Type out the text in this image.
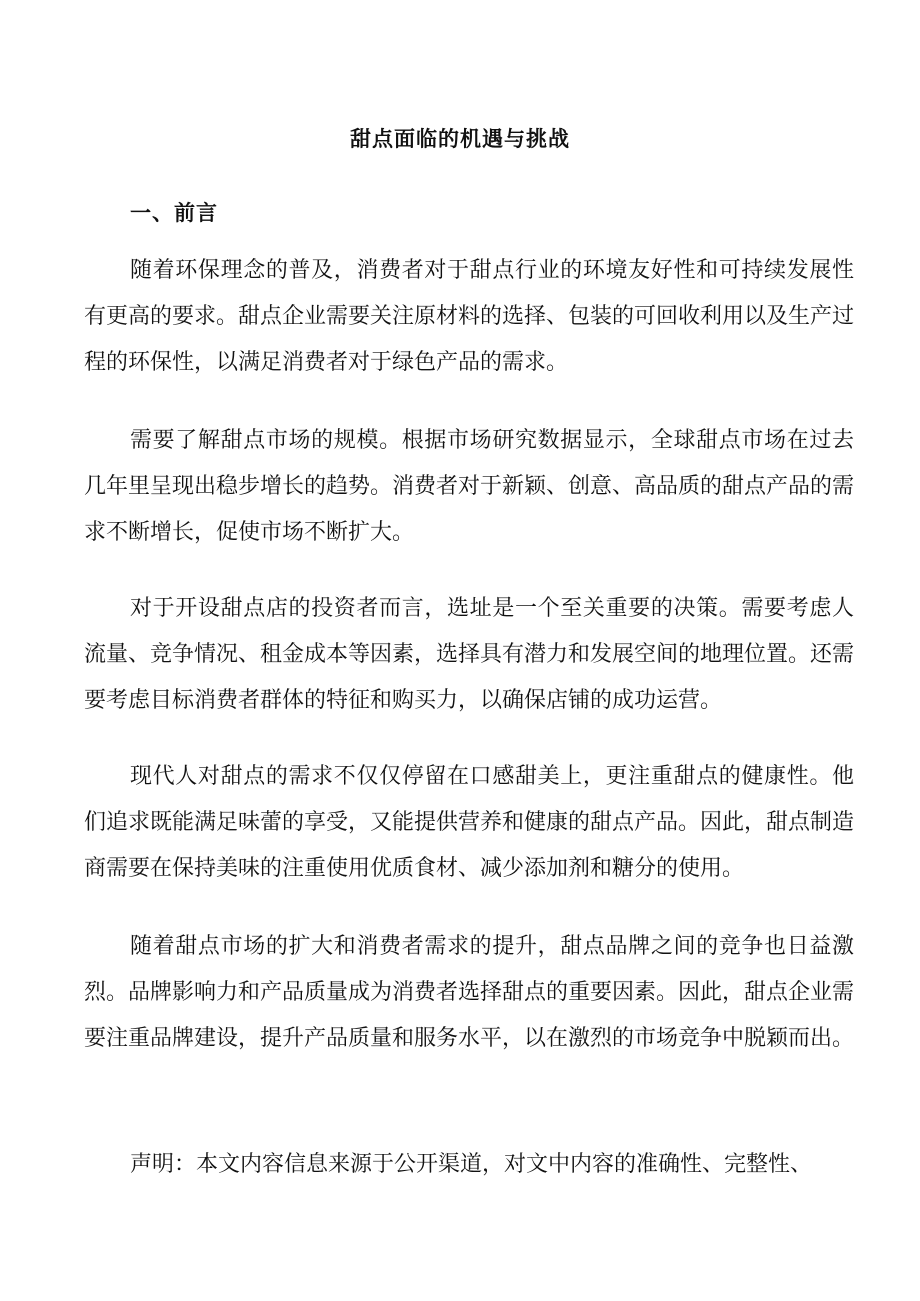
甜点面临的机遇与挑战
一、前言

随着环保理念的普及，消费者对于甜点行业的环境友好性和可持续发展性有更高的要求。甜点企业需要关注原材料的选择、包装的可回收利用以及生产过程的环保性，以满足消费者对于绿色产品的需求。

需要了解甜点市场的规模。根据市场研究数据显示，全球甜点市场在过去几年里呈现出稳步增长的趋势。消费者对于新颖、创意、高品质的甜点产品的需求不断增长，促使市场不断扩大。

对于开设甜点店的投资者而言，选址是一个至关重要的决策。需要考虑人流量、竞争情况、租金成本等因素，选择具有潜力和发展空间的地理位置。还需要考虑目标消费者群体的特征和购买力，以确保店铺的成功运营。

现代人对甜点的需求不仅仅停留在口感甜美上，更注重甜点的健康性。他们追求既能满足味蕾的享受，又能提供营养和健康的甜点产品。因此，甜点制造商需要在保持美味的注重使用优质食材、减少添加剂和糖分的使用。

随着甜点市场的扩大和消费者需求的提升，甜点品牌之间的竞争也日益激烈。品牌影响力和产品质量成为消费者选择甜点的重要因素。因此，甜点企业需要注重品牌建设，提升产品质量和服务水平，以在激烈的市场竞争中脱颖而出。

声明：本文内容信息来源于公开渠道，对文中内容的准确性、完整性、
